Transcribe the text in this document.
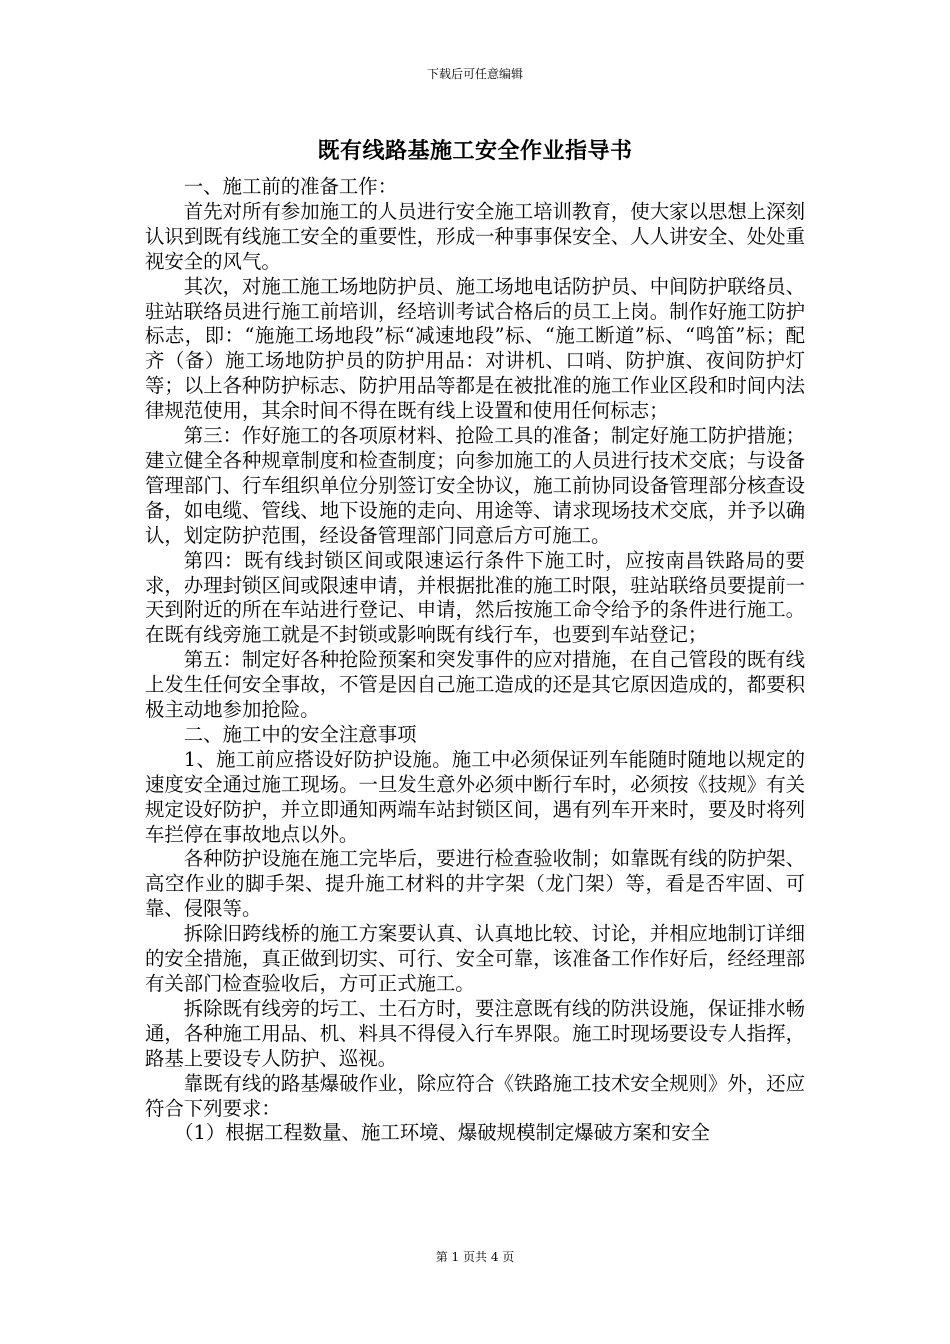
下载后可任意编辑
既有线路基施工安全作业指导书

一、施工前的准备工作：

首先对所有参加施工的人员进行安全施工培训教育，使大家以思想上深刻认识到既有线施工安全的重要性，形成一种事事保安全、人人讲安全、处处重视安全的风气。

其次，对施工施工场地防护员、施工场地电话防护员、中间防护联络员、驻站联络员进行施工前培训，经培训考试合格后的员工上岗。制作好施工防护标志，即：“施施工场地段”标“减速地段”标、“施工断道”标、“鸣笛”标；配齐（备）施工场地防护员的防护用品：对讲机、口哨、防护旗、夜间防护灯等；以上各种防护标志、防护用品等都是在被批准的施工作业区段和时间内法律规范使用，其余时间不得在既有线上设置和使用任何标志；

第三：作好施工的各项原材料、抢险工具的准备；制定好施工防护措施；建立健全各种规章制度和检查制度；向参加施工的人员进行技术交底；与设备管理部门、行车组织单位分别签订安全协议，施工前协同设备管理部分核查设备，如电缆、管线、地下设施的走向、用途等、请求现场技术交底，并予以确认，划定防护范围，经设备管理部门同意后方可施工。

第四：既有线封锁区间或限速运行条件下施工时，应按南昌铁路局的要求，办理封锁区间或限速申请，并根据批准的施工时限，驻站联络员要提前一天到附近的所在车站进行登记、申请，然后按施工命令给予的条件进行施工。在既有线旁施工就是不封锁或影响既有线行车，也要到车站登记；

第五：制定好各种抢险预案和突发事件的应对措施，在自己管段的既有线上发生任何安全事故，不管是因自己施工造成的还是其它原因造成的，都要积极主动地参加抢险。

二、施工中的安全注意事项

1、施工前应搭设好防护设施。施工中必须保证列车能随时随地以规定的速度安全通过施工现场。一旦发生意外必须中断行车时，必须按《技规》有关规定设好防护，并立即通知两端车站封锁区间，遇有列车开来时，要及时将列车拦停在事故地点以外。

各种防护设施在施工完毕后，要进行检查验收制；如靠既有线的防护架、高空作业的脚手架、提升施工材料的井字架（龙门架）等，看是否牢固、可靠、侵限等。

拆除旧跨线桥的施工方案要认真、认真地比较、讨论，并相应地制订详细的安全措施，真正做到切实、可行、安全可靠，该准备工作作好后，经经理部有关部门检查验收后，方可正式施工。

拆除既有线旁的圬工、土石方时，要注意既有线的防洪设施，保证排水畅通，各种施工用品、机、料具不得侵入行车界限。施工时现场要设专人指挥，路基上要设专人防护、巡视。

靠既有线的路基爆破作业，除应符合《铁路施工技术安全规则》外，还应符合下列要求：

（1）根据工程数量、施工环境、爆破规模制定爆破方案和安全

第 1 页共 4 页
